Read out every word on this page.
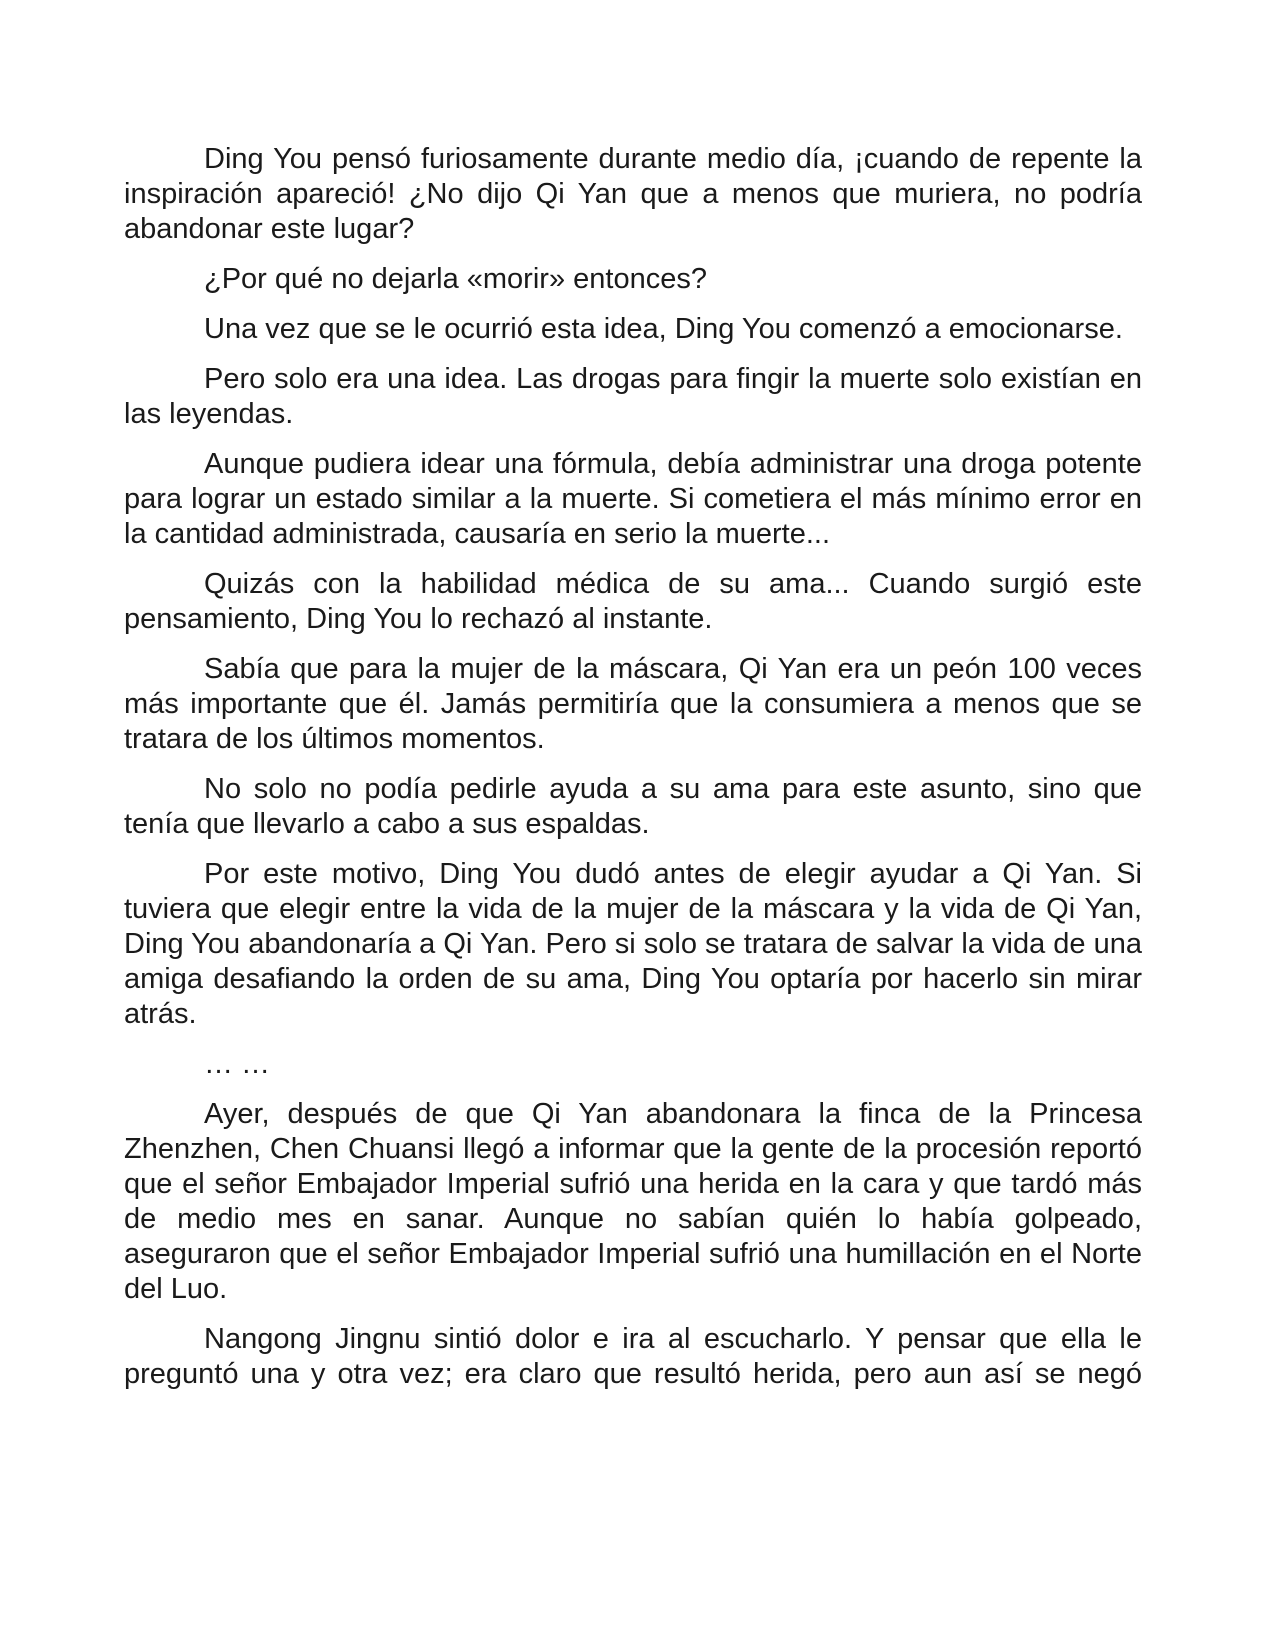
Ding You pensó furiosamente durante medio día, ¡cuando de repente la inspiración apareció! ¿No dijo Qi Yan que a menos que muriera, no podría abandonar este lugar?

¿Por qué no dejarla «morir» entonces?

Una vez que se le ocurrió esta idea, Ding You comenzó a emocionarse.

Pero solo era una idea. Las drogas para fingir la muerte solo existían en las leyendas.

Aunque pudiera idear una fórmula, debía administrar una droga potente para lograr un estado similar a la muerte. Si cometiera el más mínimo error en la cantidad administrada, causaría en serio la muerte...

Quizás con la habilidad médica de su ama... Cuando surgió este pensamiento, Ding You lo rechazó al instante.

Sabía que para la mujer de la máscara, Qi Yan era un peón 100 veces más importante que él. Jamás permitiría que la consumiera a menos que se tratara de los últimos momentos.

No solo no podía pedirle ayuda a su ama para este asunto, sino que tenía que llevarlo a cabo a sus espaldas.

Por este motivo, Ding You dudó antes de elegir ayudar a Qi Yan. Si tuviera que elegir entre la vida de la mujer de la máscara y la vida de Qi Yan, Ding You abandonaría a Qi Yan. Pero si solo se tratara de salvar la vida de una amiga desafiando la orden de su ama, Ding You optaría por hacerlo sin mirar atrás.

… …

Ayer, después de que Qi Yan abandonara la finca de la Princesa Zhenzhen, Chen Chuansi llegó a informar que la gente de la procesión reportó que el señor Embajador Imperial sufrió una herida en la cara y que tardó más de medio mes en sanar. Aunque no sabían quién lo había golpeado, aseguraron que el señor Embajador Imperial sufrió una humillación en el Norte del Luo.

Nangong Jingnu sintió dolor e ira al escucharlo. Y pensar que ella le preguntó una y otra vez; era claro que resultó herida, pero aun así se negó
